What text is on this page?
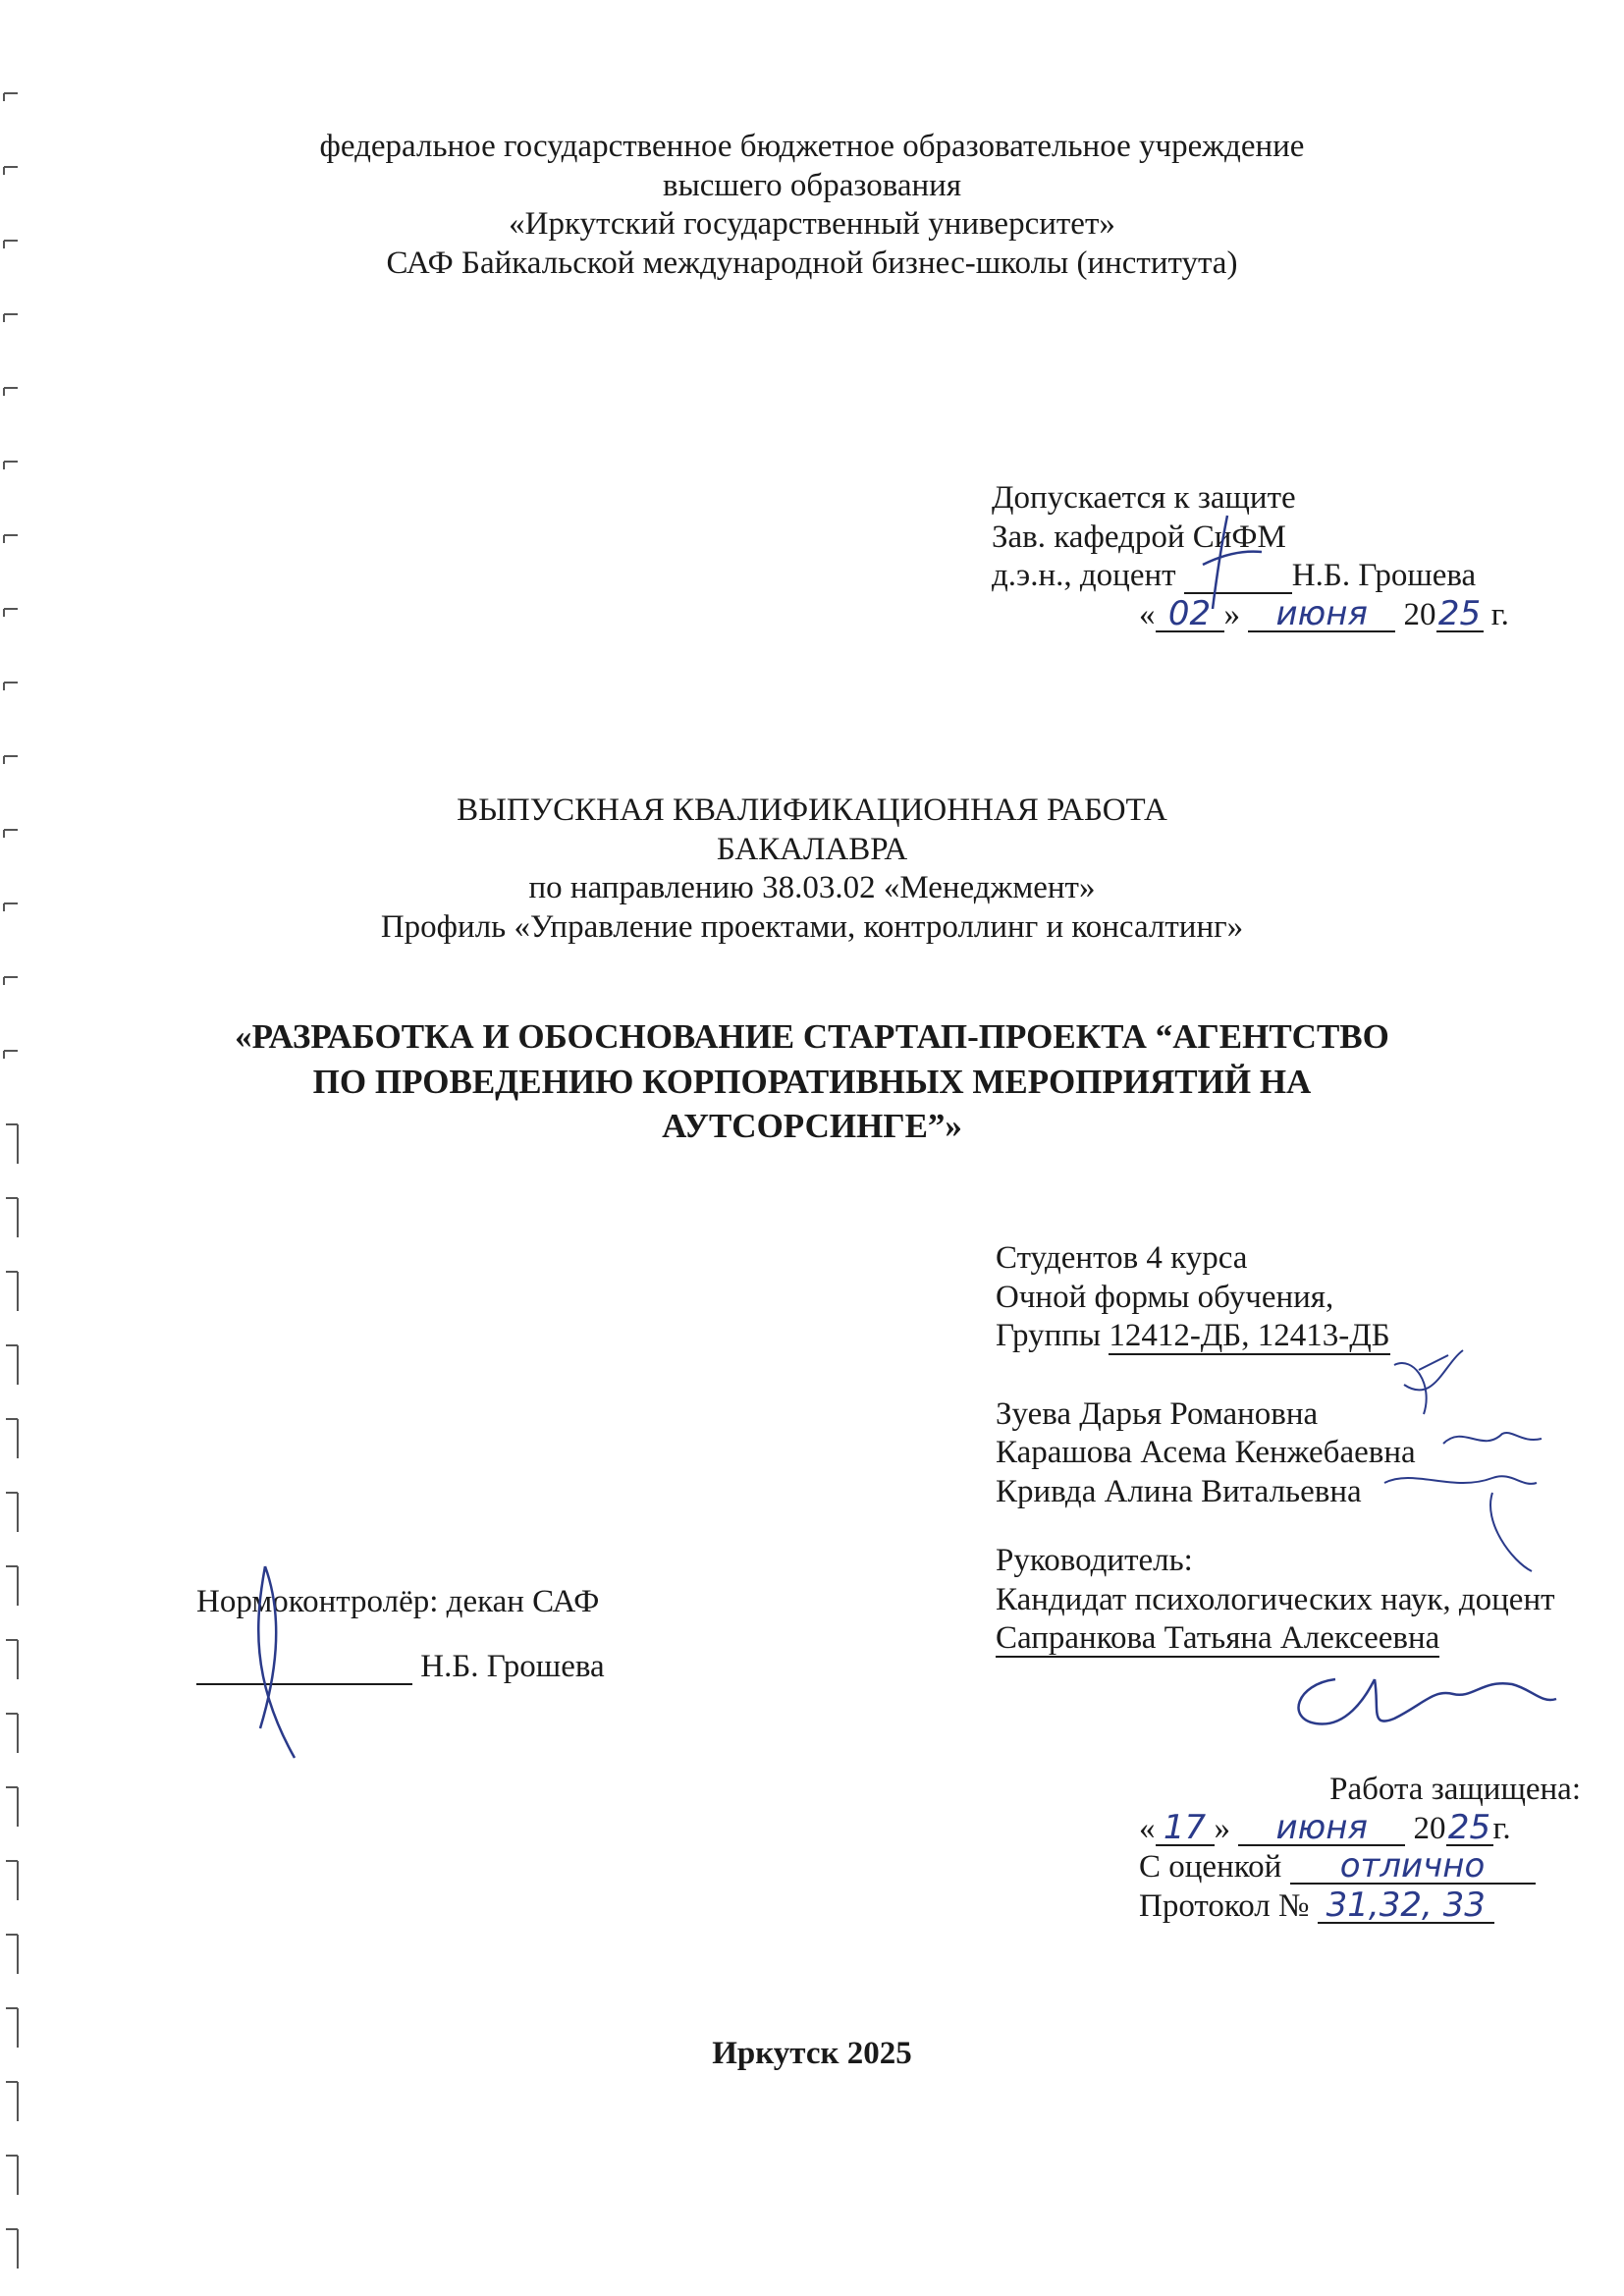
федеральное государственное бюджетное образовательное учреждение
высшего образования
«Иркутский государственный университет»
САФ Байкальской международной бизнес-школы (института)
Допускается к защите
Зав. кафедрой СиФМ
д.э.н., доцент	Н.Б. Грошева
« 02 » июня 2025 г.
ВЫПУСКНАЯ КВАЛИФИКАЦИОННАЯ РАБОТА
БАКАЛАВРА
по направлению 38.03.02 «Менеджмент»
Профиль «Управление проектами, контроллинг и консалтинг»
«РАЗРАБОТКА И ОБОСНОВАНИЕ СТАРТАП-ПРОЕКТА “АГЕНТСТВО
ПО ПРОВЕДЕНИЮ КОРПОРАТИВНЫХ МЕРОПРИЯТИЙ НА
АУТСОРСИНГЕ”»
Студентов 4 курса
Очной формы обучения,
Группы 12412-ДБ, 12413-ДБ
Зуева Дарья Романовна
Карашова Асема Кенжебаевна
Кривда Алина Витальевна
Руководитель:
Кандидат психологических наук, доцент
Сапранкова Татьяна Алексеевна
Нормоконтролёр: декан САФ
Н.Б. Грошева
Работа защищена:
« 17 » июня 2025г.
С оценкой отлично
Протокол № 31,32, 33
Иркутск 2025
